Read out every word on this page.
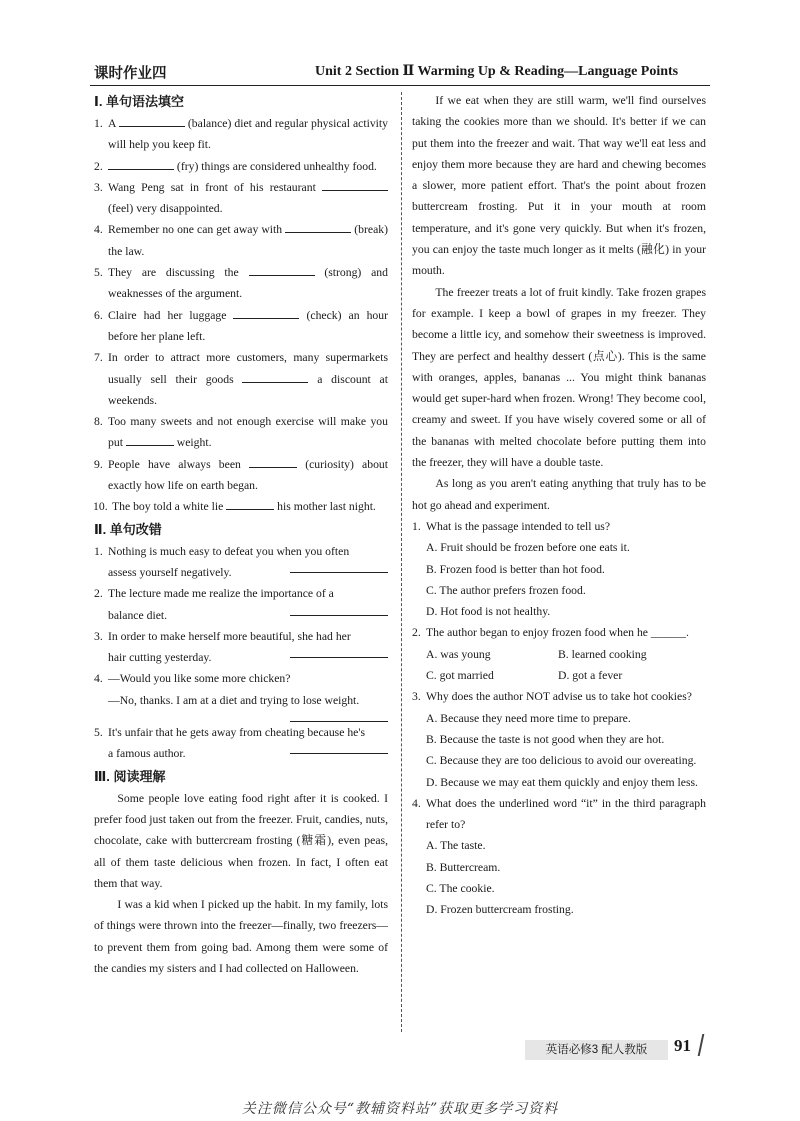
课时作业四	Unit 2 Section Ⅱ Warming Up & Reading—Language Points
Ⅰ. 单句语法填空
1. A	(balance) diet and regular physical activity will help you keep fit.
2.	(fry) things are considered unhealthy food.
3. Wang Peng sat in front of his restaurant  (feel) very disappointed.
4. Remember no one can get away with	(break) the law.
5. They are discussing the	(strong) and weaknesses of the argument.
6. Claire had her luggage	(check) an hour before her plane left.
7. In order to attract more customers, many supermarkets usually sell their goods	a discount at weekends.
8. Too many sweets and not enough exercise will make you put	weight.
9. People have always been	(curiosity) about exactly how life on earth began.
10. The boy told a white lie	his mother last night.
Ⅱ. 单句改错
1. Nothing is much easy to defeat you when you often
assess yourself negatively.
2. The lecture made me realize the importance of a
balance diet.
3. In order to make herself more beautiful, she had her
hair cutting yesterday.
4. —Would you like some more chicken?
—No, thanks. I am at a diet and trying to lose weight.
5. It's unfair that he gets away from cheating because he's
a famous author.
Ⅲ. 阅读理解
Some people love eating food right after it is cooked. I prefer food just taken out from the freezer. Fruit, candies, nuts, chocolate, cake with buttercream frosting (糖霜), even peas, all of them taste delicious when frozen. In fact, I often eat them that way.
I was a kid when I picked up the habit. In my family, lots of things were thrown into the freezer—finally, two freezers—to prevent them from going bad. Among them were some of the candies my sisters and I had collected on Halloween.
If we eat when they are still warm, we'll find ourselves taking the cookies more than we should. It's better if we can put them into the freezer and wait. That way we'll eat less and enjoy them more because they are hard and chewing becomes a slower, more patient effort. That's the point about frozen buttercream frosting. Put it in your mouth at room temperature, and it's gone very quickly. But when it's frozen, you can enjoy the taste much longer as it melts (融化) in your mouth.
The freezer treats a lot of fruit kindly. Take frozen grapes for example. I keep a bowl of grapes in my freezer. They become a little icy, and somehow their sweetness is improved. They are perfect and healthy dessert (点心). This is the same with oranges, apples, bananas ... You might think bananas would get super-hard when frozen. Wrong! They become cool, creamy and sweet. If you have wisely covered some or all of the bananas with melted chocolate before putting them into the freezer, they will have a double taste.
As long as you aren't eating anything that truly has to be hot go ahead and experiment.
1. What is the passage intended to tell us?
A. Fruit should be frozen before one eats it.
B. Frozen food is better than hot food.
C. The author prefers frozen food.
D. Hot food is not healthy.
2. The author began to enjoy frozen food when he ______.
A. was young	B. learned cooking
C. got married	D. got a fever
3. Why does the author NOT advise us to take hot cookies?
A. Because they need more time to prepare.
B. Because the taste is not good when they are hot.
C. Because they are too delicious to avoid our overeating.
D. Because we may eat them quickly and enjoy them less.
4. What does the underlined word “it” in the third paragraph refer to?
A. The taste.
B. Buttercream.
C. The cookie.
D. Frozen buttercream frosting.
英语必修3 配人教版	91
关注微信公众号“教辅资料站”获取更多学习资料
